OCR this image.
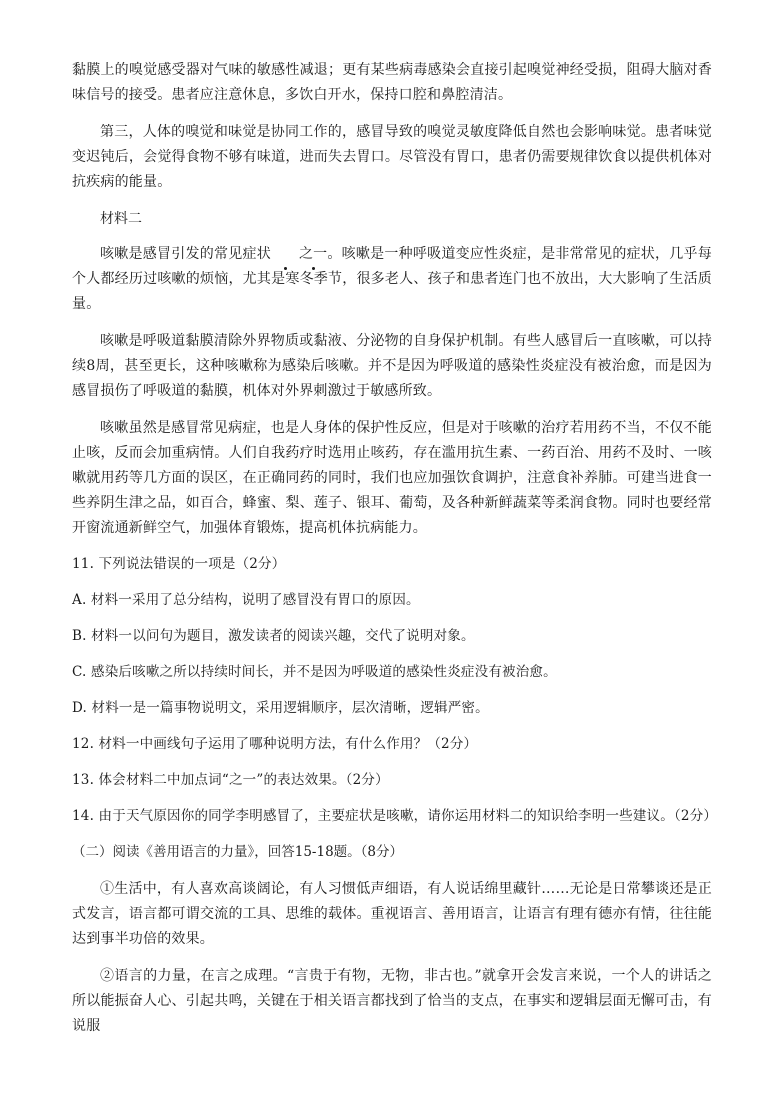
黏膜上的嗅觉感受器对气味的敏感性减退；更有某些病毒感染会直接引起嗅觉神经受损，阻碍大脑对香味信号的接受。患者应注意休息，多饮白开水，保持口腔和鼻腔清洁。

第三，人体的嗅觉和味觉是协同工作的，感冒导致的嗅觉灵敏度降低自然也会影响味觉。患者味觉变迟钝后，会觉得食物不够有味道，进而失去胃口。尽管没有胃口，患者仍需要规律饮食以提供机体对抗疾病的能量。

材料二

咳嗽是感冒引发的常见症状 之一
。咳嗽是一种呼吸道变应性炎症，是非常常见的症状，几乎每个人都经历过咳嗽的烦恼，尤其是寒冬季节，很多老人、孩子和患者连门也不放出，大大影响了生活质量。

咳嗽是呼吸道黏膜清除外界物质或黏液、分泌物的自身保护机制。有些人感冒后一直咳嗽，可以持续8周，甚至更长，这种咳嗽称为感染后咳嗽。并不是因为呼吸道的感染性炎症没有被治愈，而是因为感冒损伤了呼吸道的黏膜，机体对外界刺激过于敏感所致。

咳嗽虽然是感冒常见病症，也是人身体的保护性反应，但是对于咳嗽的治疗若用药不当，不仅不能止咳，反而会加重病情。人们自我药疗时选用止咳药，存在滥用抗生素、一药百治、用药不及时、一咳嗽就用药等几方面的误区，在正确同药的同时，我们也应加强饮食调护，注意食补养肺。可建当进食一些养阴生津之品，如百合，蜂蜜、梨、莲子、银耳、葡萄，及各种新鲜蔬菜等柔润食物。同时也要经常开窗流通新鲜空气，加强体育锻炼，提高机体抗病能力。

11. 下列说法错误的一项是（2分）

A. 材料一采用了总分结构，说明了感冒没有胃口的原因。

B. 材料一以问句为题目，激发读者的阅读兴趣，交代了说明对象。

C. 感染后咳嗽之所以持续时间长，并不是因为呼吸道的感染性炎症没有被治愈。

D. 材料一是一篇事物说明文，采用逻辑顺序，层次清晰，逻辑严密。

12. 材料一中画线句子运用了哪种说明方法，有什么作用？（2分）

13. 体会材料二中加点词“之一”的表达效果。（2分）

14. 由于天气原因你的同学李明感冒了，主要症状是咳嗽，请你运用材料二的知识给李明一些建议。（2分）

（二）阅读《善用语言的力量》，回答15-18题。（8分）

①生活中，有人喜欢高谈阔论，有人习惯低声细语，有人说话绵里藏针……无论是日常攀谈还是正式发言，语言都可谓交流的工具、思维的载体。重视语言、善用语言，让语言有理有德亦有情，往往能达到事半功倍的效果。

②语言的力量，在言之成理。“言贵于有物，无物，非古也。”就拿开会发言来说，一个人的讲话之所以能振奋人心、引起共鸣，关键在于相关语言都找到了恰当的支点，在事实和逻辑层面无懈可击，有说服
